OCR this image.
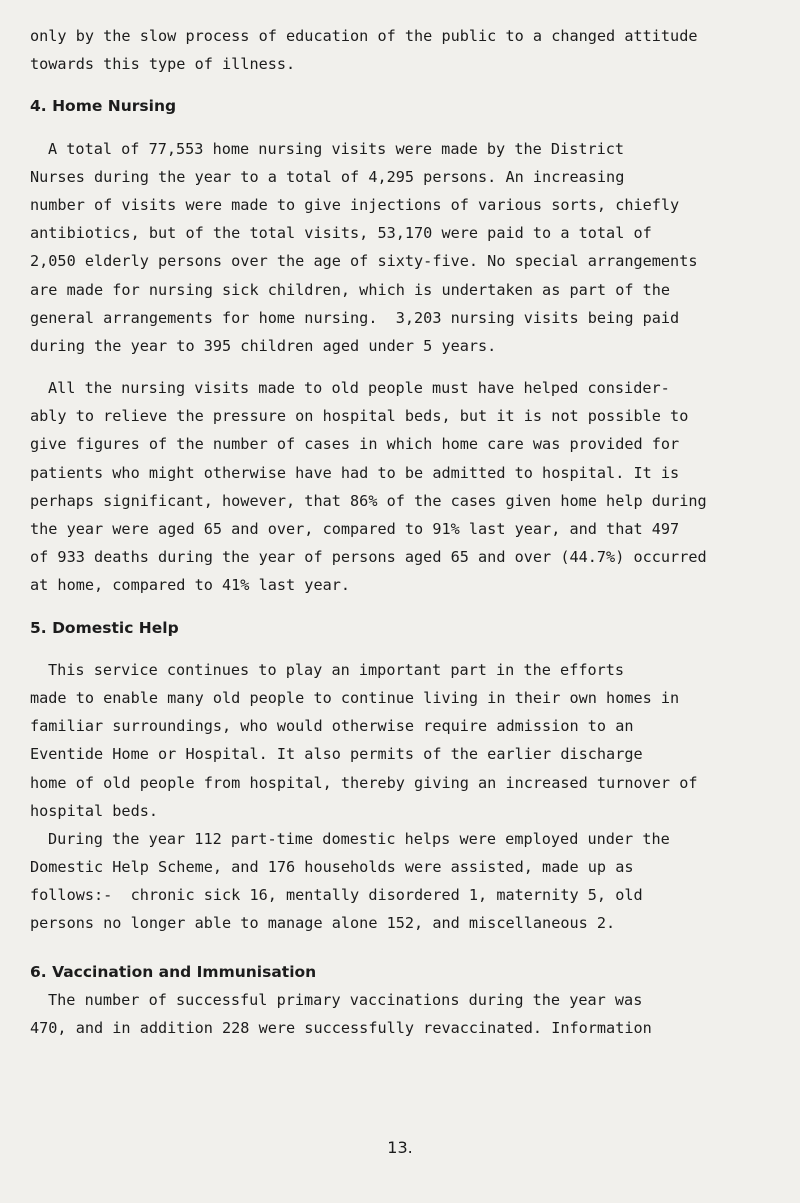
only by the slow process of education of the public to a changed attitude
towards this type of illness.
4. Home Nursing
A total of 77,553 home nursing visits were made by the District
Nurses during the year to a total of 4,295 persons. An increasing
number of visits were made to give injections of various sorts, chiefly
antibiotics, but of the total visits, 53,170 were paid to a total of
2,050 elderly persons over the age of sixty-five. No special arrangements
are made for nursing sick children, which is undertaken as part of the
general arrangements for home nursing.  3,203 nursing visits being paid
during the year to 395 children aged under 5 years.
All the nursing visits made to old people must have helped consider-
ably to relieve the pressure on hospital beds, but it is not possible to
give figures of the number of cases in which home care was provided for
patients who might otherwise have had to be admitted to hospital. It is
perhaps significant, however, that 86% of the cases given home help during
the year were aged 65 and over, compared to 91% last year, and that 497
of 933 deaths during the year of persons aged 65 and over (44.7%) occurred
at home, compared to 41% last year.
5. Domestic Help
This service continues to play an important part in the efforts
made to enable many old people to continue living in their own homes in
familiar surroundings, who would otherwise require admission to an
Eventide Home or Hospital. It also permits of the earlier discharge
home of old people from hospital, thereby giving an increased turnover of
hospital beds.
During the year 112 part-time domestic helps were employed under the
Domestic Help Scheme, and 176 households were assisted, made up as
follows:-  chronic sick 16, mentally disordered 1, maternity 5, old
persons no longer able to manage alone 152, and miscellaneous 2.
6. Vaccination and Immunisation
The number of successful primary vaccinations during the year was
470, and in addition 228 were successfully revaccinated. Information
13.
